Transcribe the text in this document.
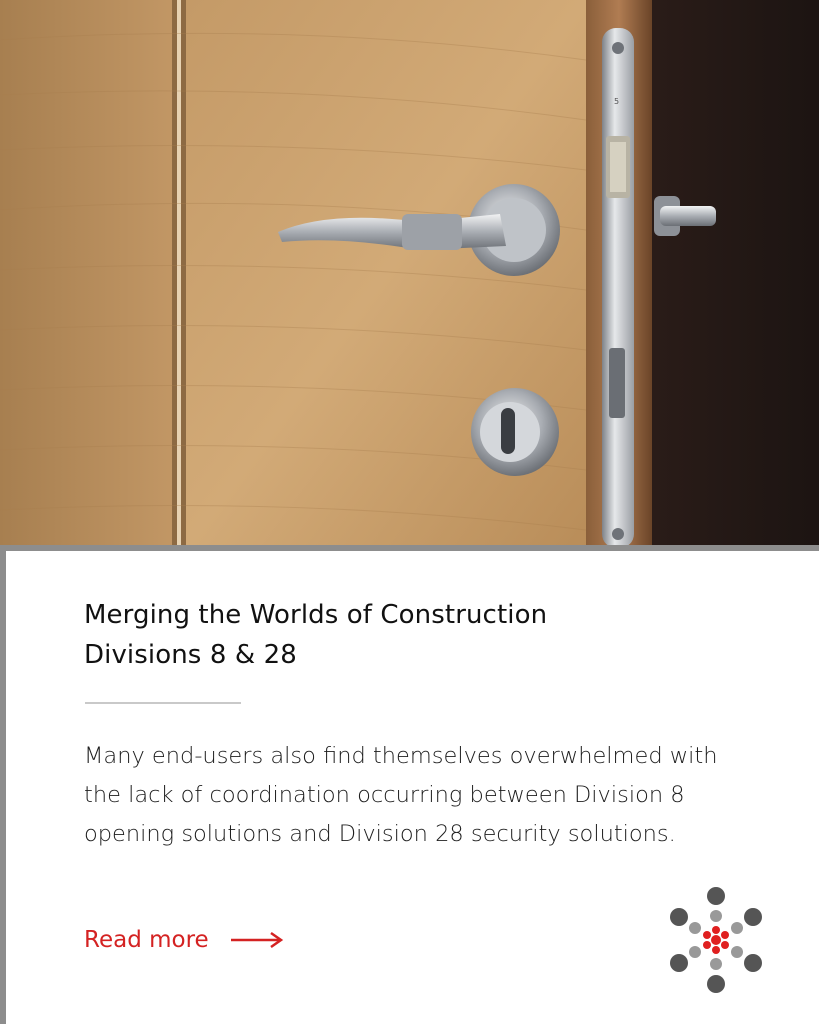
5
Merging the Worlds of Construction
Divisions 8 & 28

Many end-users also find themselves overwhelmed with the lack of coordination occurring between Division 8 opening solutions and Division 28 security solutions.

Read more
